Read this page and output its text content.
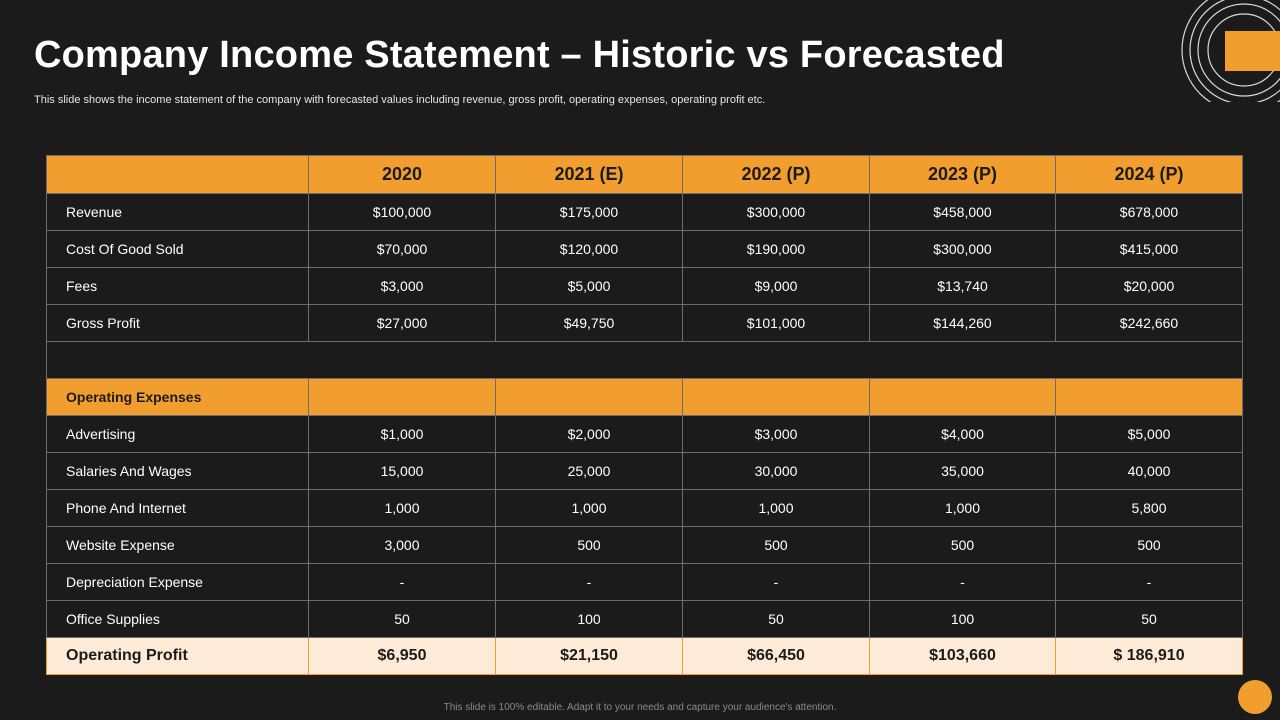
Company Income Statement – Historic vs Forecasted
This slide shows the income statement of the company with forecasted values including revenue, gross profit, operating expenses, operating profit etc.
	2020	2021 (E)	2022 (P)	2023 (P)	2024 (P)
Revenue	$100,000	$175,000	$300,000	$458,000	$678,000
Cost Of Good Sold	$70,000	$120,000	$190,000	$300,000	$415,000
Fees	$3,000	$5,000	$9,000	$13,740	$20,000
Gross Profit	$27,000	$49,750	$101,000	$144,260	$242,660

Operating Expenses					
Advertising	$1,000	$2,000	$3,000	$4,000	$5,000
Salaries And Wages	15,000	25,000	30,000	35,000	40,000
Phone And Internet	1,000	1,000	1,000	1,000	5,800
Website Expense	3,000	500	500	500	500
Depreciation Expense	-	-	-	-	-
Office Supplies	50	100	50	100	50
Operating Profit	$6,950	$21,150	$66,450	$103,660	$ 186,910
This slide is 100% editable. Adapt it to your needs and capture your audience's attention.
